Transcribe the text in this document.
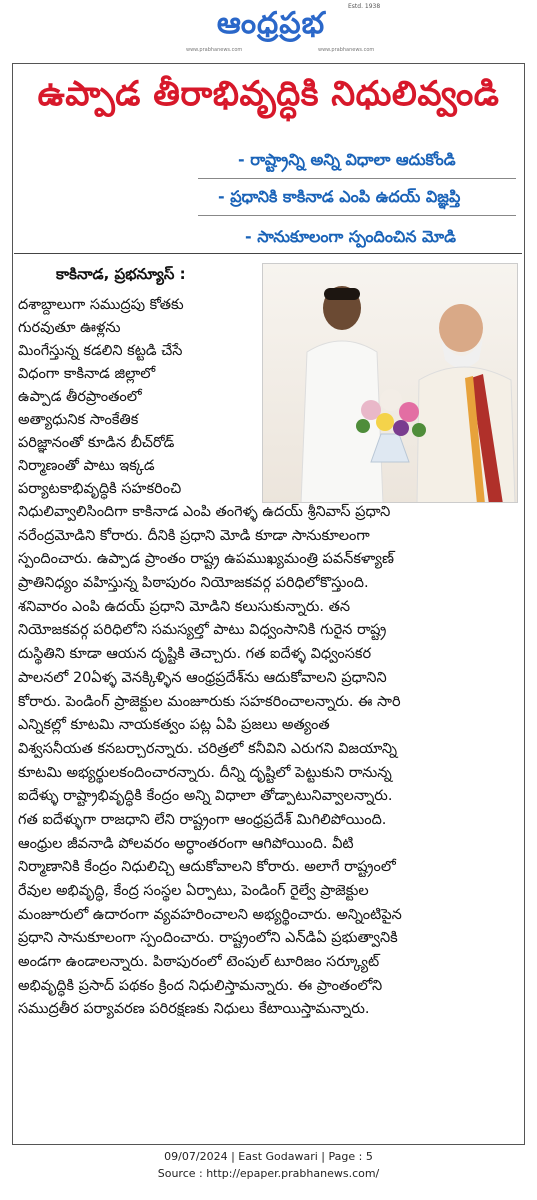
ఆంధ్రప్రభ	Estd. 1938
www.prabhanews.com	www.prabhanews.com
ఉప్పాడ తీరాభివృద్ధికి నిధులివ్వండి
- రాష్ట్రాన్ని అన్ని విధాలా ఆదుకోండి
- ప్రధానికి కాకినాడ ఎంపి ఉదయ్ విజ్ఞప్తి
- సానుకూలంగా స్పందించిన మోడి
కాకినాడ, ప్రభన్యూస్ :
దశాబ్దాలుగా సముద్రపు కోతకు
గురవుతూ ఊళ్లను
మింగేస్తున్న కడలిని కట్టడి చేసే
విధంగా కాకినాడ జిల్లాలో
ఉప్పాడ తీరప్రాంతంలో
అత్యాధునిక సాంకేతిక
పరిజ్ఞానంతో కూడిన బీచ్‌రోడ్
నిర్మాణంతో పాటు ఇక్కడ
పర్యాటకాభివృద్ధికి సహకరించి
నిధులివ్వాలిసిందిగా కాకినాడ ఎంపి తంగెళ్ళ ఉదయ్ శ్రీనివాస్ ప్రధాని
నరేంద్రమోడిని కోరారు. దీనికి ప్రధాని మోడి కూడా సానుకూలంగా
స్పందించారు. ఉప్పాడ ప్రాంతం రాష్ట్ర ఉపముఖ్యమంత్రి పవన్‌కళ్యాణ్
ప్రాతినిధ్యం వహిస్తున్న పిఠాపురం నియోజకవర్గ పరిధిలోకొస్తుంది.
శనివారం ఎంపి ఉదయ్ ప్రధాని మోడిని కలుసుకున్నారు. తన
నియోజకవర్గ పరిధిలోని సమస్యల్తో పాటు విధ్వంసానికి గురైన రాష్ట్ర
దుస్థితిని కూడా ఆయన దృష్టికి తెచ్చారు. గత ఐదేళ్ళ విధ్వంసకర
పాలనలో 20ఏళ్ళ వెనక్కిళ్ళిన ఆంధ్రప్రదేశ్‌ను ఆదుకోవాలని ప్రధానిని
కోరారు. పెండింగ్ ప్రాజెక్టుల మంజూరుకు సహకరించాలన్నారు. ఈ సారి
ఎన్నికల్లో కూటమి నాయకత్వం పట్ల ఏపి ప్రజలు అత్యంత
విశ్వసనీయత కనబర్చారన్నారు. చరిత్రలో కనీవిని ఎరుగని విజయాన్ని
కూటమి అభ్యర్థులకందించారన్నారు. దీన్ని దృష్టిలో పెట్టుకుని రానున్న
ఐదేళ్ళు రాష్ట్రాభివృద్ధికి కేంద్రం అన్ని విధాలా తోడ్పాటునివ్వాలన్నారు.
గత ఐదేళ్ళుగా రాజధాని లేని రాష్ట్రంగా ఆంధ్రప్రదేశ్ మిగిలిపోయింది.
ఆంధ్రుల జీవనాడి పోలవరం అర్ధాంతరంగా ఆగిపోయింది. వీటి
నిర్మాణానికి కేంద్రం నిధులిచ్చి ఆదుకోవాలని కోరారు. అలాగే రాష్ట్రంలో
రేవుల అభివృద్ధి, కేంద్ర సంస్థల ఏర్పాటు, పెండింగ్ రైల్వే ప్రాజెక్టుల
మంజూరులో ఉదారంగా వ్యవహరించాలని అభ్యర్థించారు. అన్నింటిపైన
ప్రధాని సానుకూలంగా స్పందించారు. రాష్ట్రంలోని ఎన్‌డిఏ ప్రభుత్వానికి
అండగా ఉండాలన్నారు. పిఠాపురంలో టెంపుల్ టూరిజం సర్క్యూట్
అభివృద్ధికి ప్రసాద్ పథకం క్రింద నిధులిస్తామన్నారు. ఈ ప్రాంతంలోని
సముద్రతీర పర్యావరణ పరిరక్షణకు నిధులు కేటాయిస్తామన్నారు.
09/07/2024 | East Godawari | Page : 5
Source : http://epaper.prabhanews.com/
